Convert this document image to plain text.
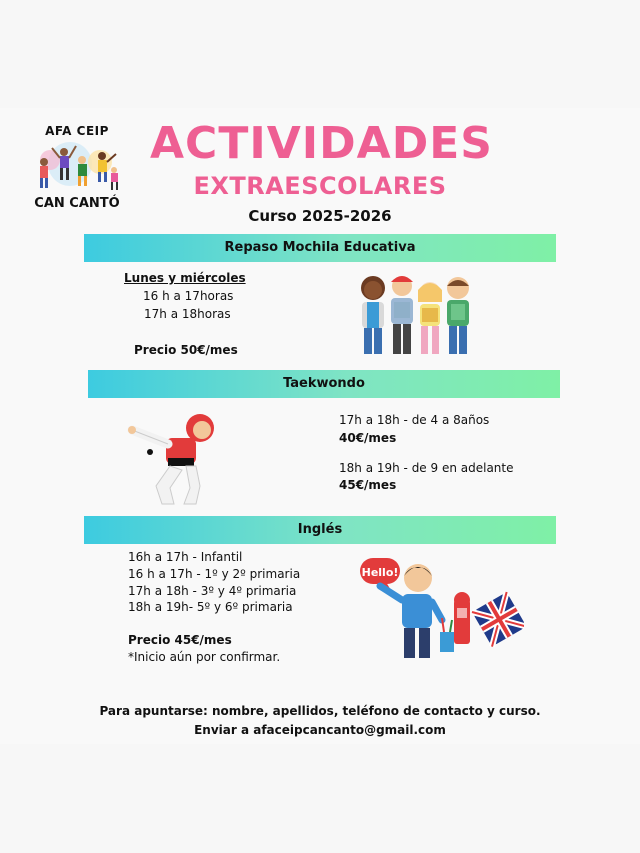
AFA CEIP
CAN CANTÓ
ACTIVIDADES
EXTRAESCOLARES
Curso 2025-2026
Repaso Mochila Educativa
Lunes y miércoles
16 h a 17horas
17h a 18horas
Precio 50€/mes
Taekwondo
17h a 18h - de 4 a 8años
40€/mes
18h a 19h - de 9 en adelante
45€/mes
Inglés
16h a 17h - Infantil
16 h a 17h - 1º y 2º primaria
17h a 18h - 3º y 4º primaria
18h a 19h- 5º y 6º primaria
Precio 45€/mes
*Inicio aún por confirmar.
Hello!
Para apuntarse: nombre, apellidos, teléfono de contacto y curso.
Enviar a afaceipcancanto@gmail.com
